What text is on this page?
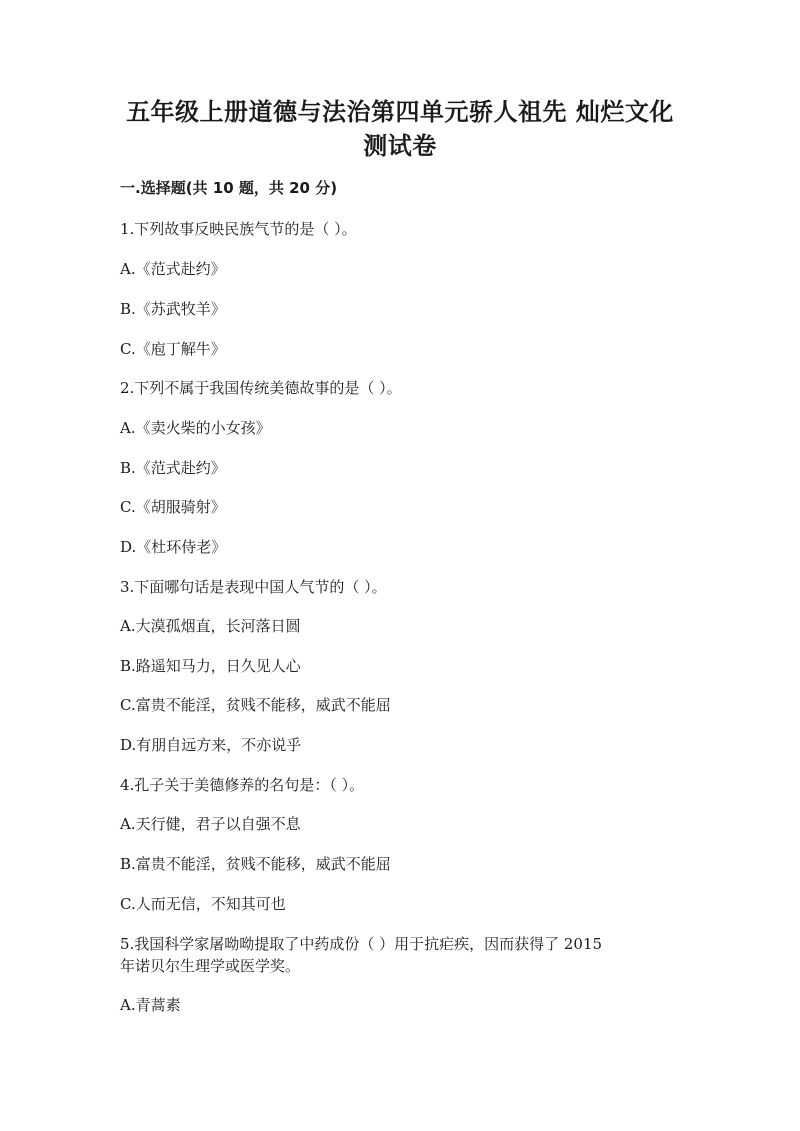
五年级上册道德与法治第四单元骄人祖先 灿烂文化
测试卷
一.选择题(共 10 题，共 20 分)

1.下列故事反映民族气节的是（ ）。

A.《范式赴约》

B.《苏武牧羊》

C.《庖丁解牛》

2.下列不属于我国传统美德故事的是（ ）。

A.《卖火柴的小女孩》

B.《范式赴约》

C.《胡服骑射》

D.《杜环侍老》

3.下面哪句话是表现中国人气节的（ ）。

A.大漠孤烟直，长河落日圆

B.路遥知马力，日久见人心

C.富贵不能淫，贫贱不能移，威武不能屈

D.有朋自远方来，不亦说乎

4.孔子关于美德修养的名句是：（ ）。

A.天行健，君子以自强不息

B.富贵不能淫，贫贱不能移，威武不能屈

C.人而无信，不知其可也

5.我国科学家屠呦呦提取了中药成份（ ）用于抗疟疾，因而获得了 2015

年诺贝尔生理学或医学奖。

A.青蒿素
